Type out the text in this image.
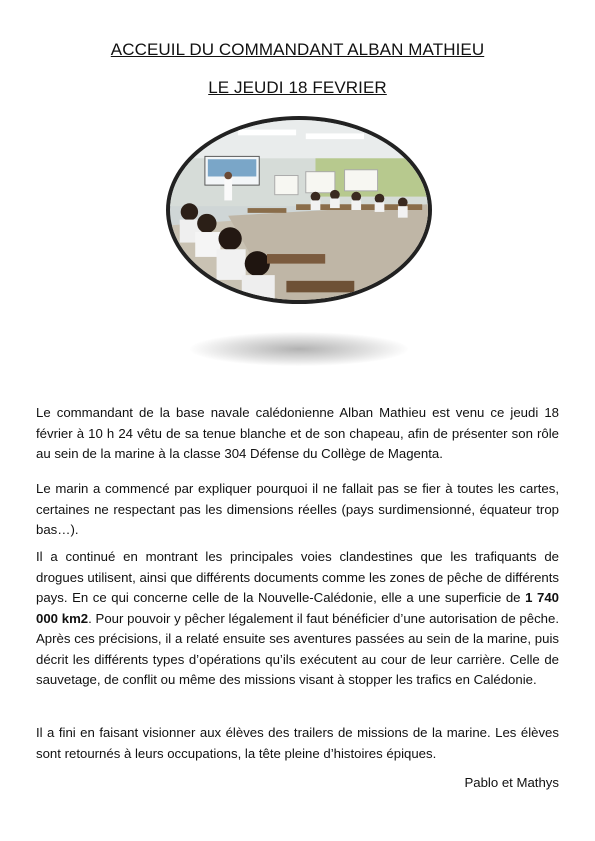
ACCEUIL DU COMMANDANT ALBAN MATHIEU
LE JEUDI 18 FEVRIER

Le commandant de la base navale calédonienne Alban Mathieu est venu ce jeudi 18 février à 10 h 24 vêtu de sa tenue blanche et de son chapeau, afin de présenter son rôle au sein de la marine à la classe 304 Défense du Collège de Magenta.

Le marin a commencé par expliquer pourquoi il ne fallait pas se fier à toutes les cartes, certaines ne respectant pas les dimensions réelles (pays surdimensionné, équateur trop bas…).

Il a continué en montrant les principales voies clandestines que les trafiquants de drogues utilisent, ainsi que différents documents comme les zones de pêche de différents pays. En ce qui concerne celle de la Nouvelle-Calédonie, elle a une superficie de 1 740 000 km2. Pour pouvoir y pêcher légalement il faut bénéficier d’une autorisation de pêche. Après ces précisions, il a relaté ensuite ses aventures passées au sein de la marine, puis décrit les différents types d’opérations qu’ils exécutent au cour de leur carrière. Celle de sauvetage, de conflit ou même des missions visant à stopper les trafics en Calédonie.

Il a fini en faisant visionner aux élèves des trailers de missions de la marine. Les élèves sont retournés à leurs occupations, la tête pleine d’histoires épiques.

Pablo et Mathys
